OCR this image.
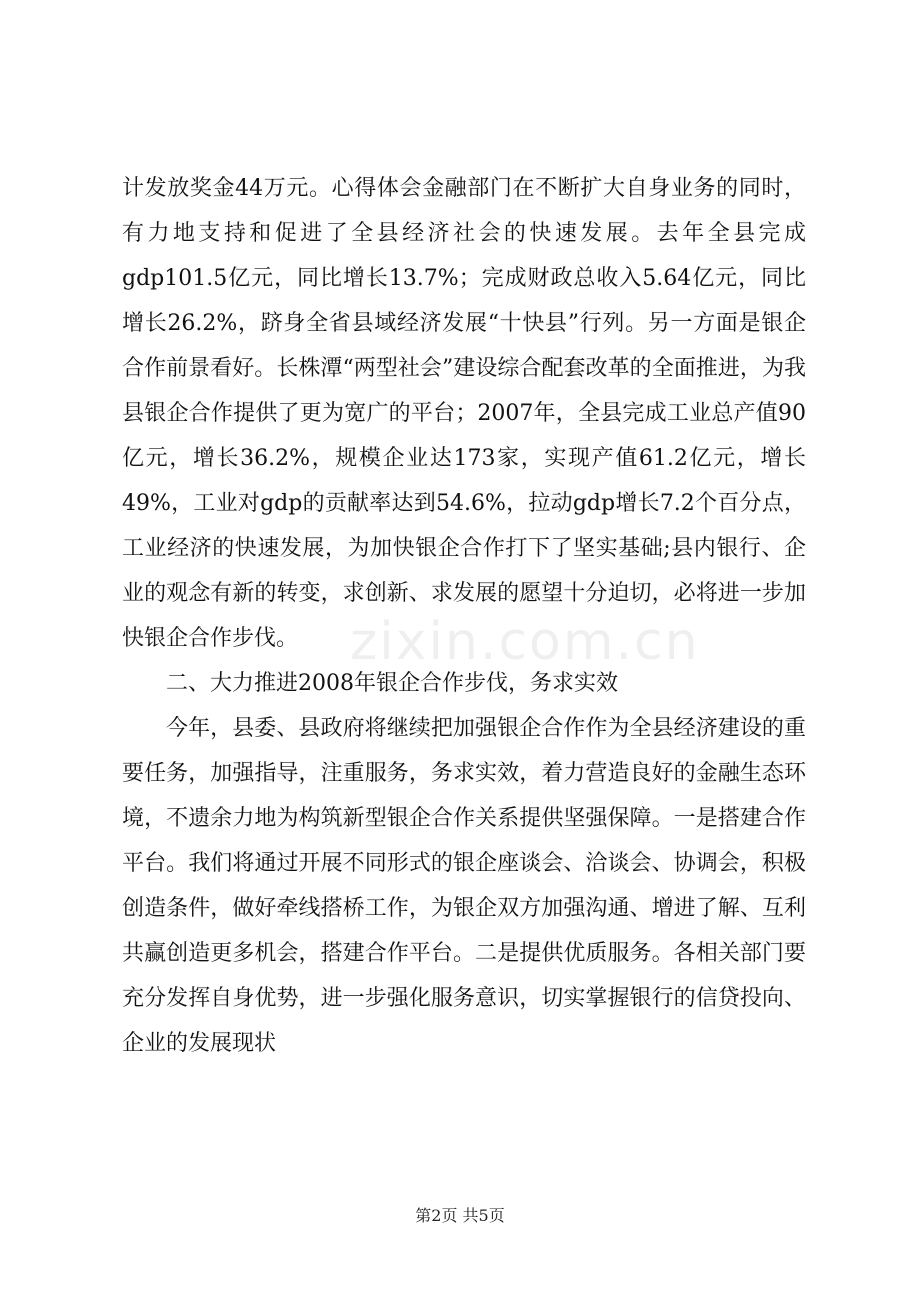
计发放奖金44万元。心得体会金融部门在不断扩大自身业务的同时，有力地支持和促进了全县经济社会的快速发展。去年全县完成gdp101.5亿元，同比增长13.7%；完成财政总收入5.64亿元，同比增长26.2%，跻身全省县域经济发展“十快县”行列。另一方面是银企合作前景看好。长株潭“两型社会”建设综合配套改革的全面推进，为我县银企合作提供了更为宽广的平台；2007年，全县完成工业总产值90亿元，增长36.2%，规模企业达173家，实现产值61.2亿元，增长49%，工业对gdp的贡献率达到54.6%，拉动gdp增长7.2个百分点，工业经济的快速发展，为加快银企合作打下了坚实基础;县内银行、企业的观念有新的转变，求创新、求发展的愿望十分迫切，必将进一步加快银企合作步伐。

二、大力推进2008年银企合作步伐，务求实效

今年，县委、县政府将继续把加强银企合作作为全县经济建设的重要任务，加强指导，注重服务，务求实效，着力营造良好的金融生态环境，不遗余力地为构筑新型银企合作关系提供坚强保障。一是搭建合作平台。我们将通过开展不同形式的银企座谈会、洽谈会、协调会，积极创造条件，做好牵线搭桥工作，为银企双方加强沟通、增进了解、互利共赢创造更多机会，搭建合作平台。二是提供优质服务。各相关部门要充分发挥自身优势，进一步强化服务意识，切实掌握银行的信贷投向、企业的发展现状

zixin.com.cn
第2页 共5页
